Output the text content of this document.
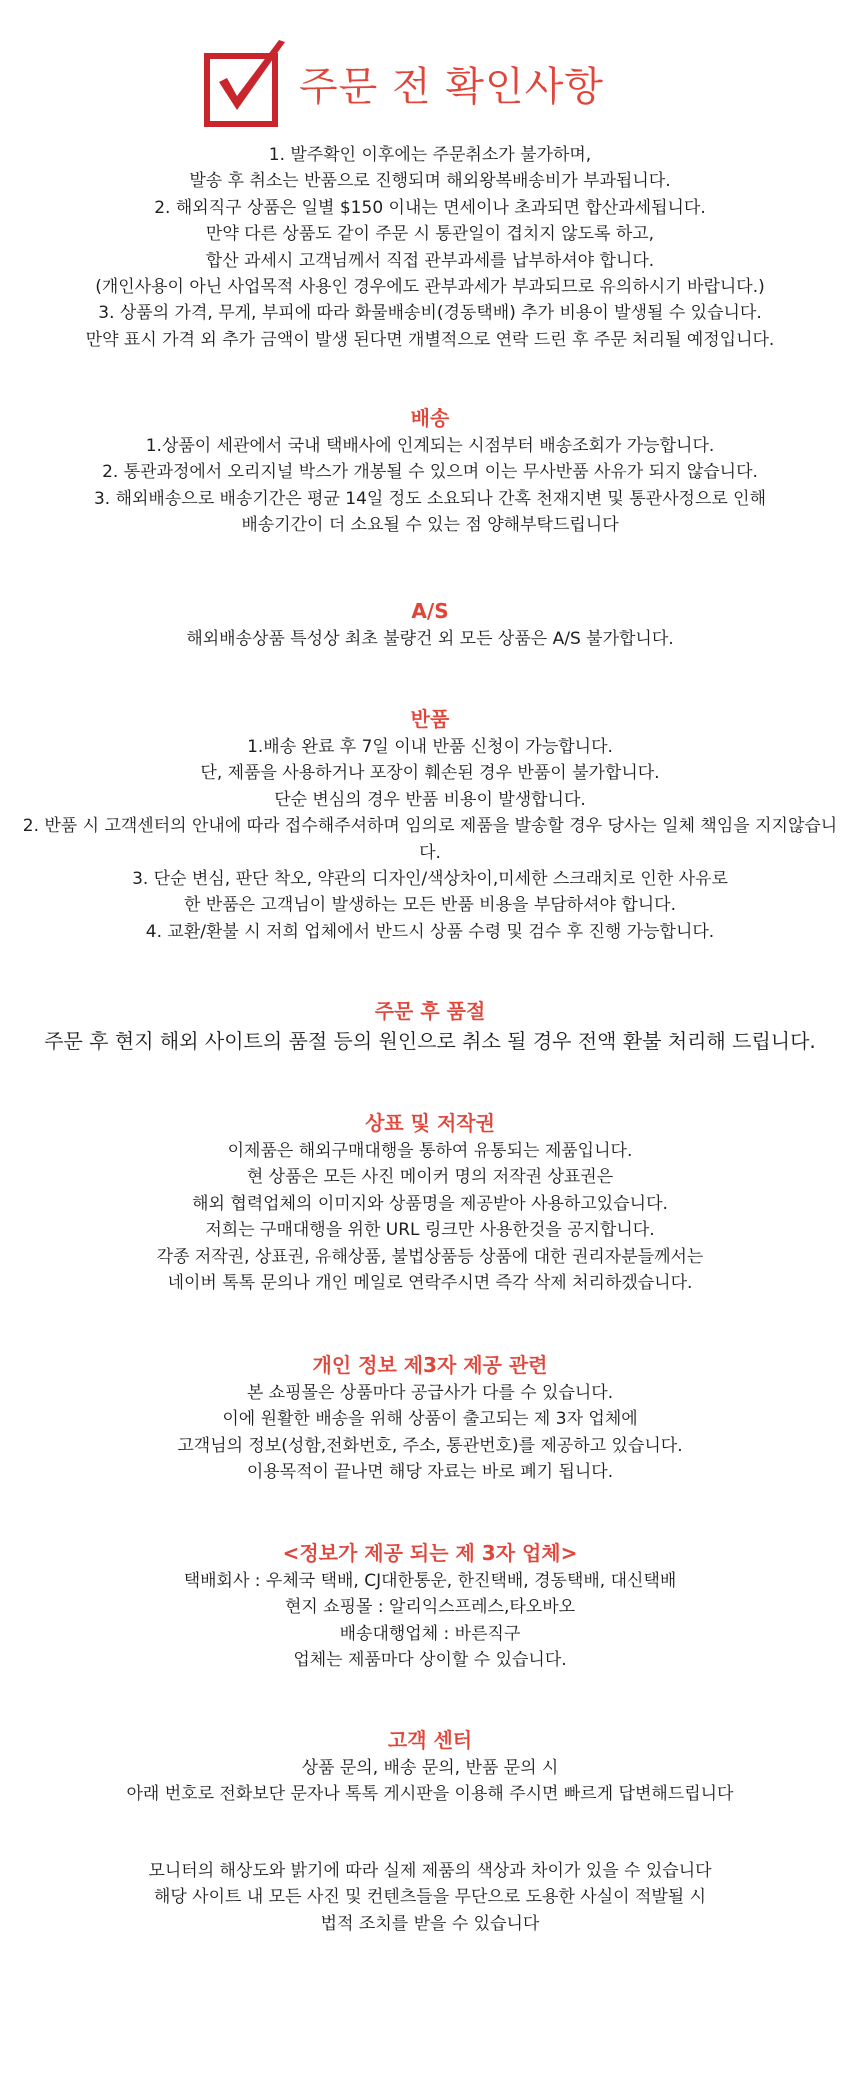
주문 전 확인사항
1. 발주확인 이후에는 주문취소가 불가하며,
발송 후 취소는 반품으로 진행되며 해외왕복배송비가 부과됩니다.
2. 해외직구 상품은 일별 $150 이내는 면세이나 초과되면 합산과세됩니다.
만약 다른 상품도 같이 주문 시 통관일이 겹치지 않도록 하고,
합산 과세시 고객님께서 직접 관부과세를 납부하셔야 합니다.
(개인사용이 아닌 사업목적 사용인 경우에도 관부과세가 부과되므로 유의하시기 바랍니다.)
3. 상품의 가격, 무게, 부피에 따라 화물배송비(경동택배) 추가 비용이 발생될 수 있습니다.
만약 표시 가격 외 추가 금액이 발생 된다면 개별적으로 연락 드린 후 주문 처리될 예정입니다.
배송
1.상품이 세관에서 국내 택배사에 인계되는 시점부터 배송조회가 가능합니다.
2. 통관과정에서 오리지널 박스가 개봉될 수 있으며 이는 무사반품 사유가 되지 않습니다.
3. 해외배송으로 배송기간은 평균 14일 정도 소요되나 간혹 천재지변 및 통관사정으로 인해
배송기간이 더 소요될 수 있는 점 양해부탁드립니다
A/S
해외배송상품 특성상 최초 불량건 외 모든 상품은 A/S 불가합니다.
반품
1.배송 완료 후 7일 이내 반품 신청이 가능합니다.
단, 제품을 사용하거나 포장이 훼손된 경우 반품이 불가합니다.
단순 변심의 경우 반품 비용이 발생합니다.
2. 반품 시 고객센터의 안내에 따라 접수해주셔하며 임의로 제품을 발송할 경우 당사는 일체 책임을 지지않습니
다.
3. 단순 변심, 판단 착오, 약관의 디자인/색상차이,미세한 스크래치로 인한 사유로
한 반품은 고객님이 발생하는 모든 반품 비용을 부담하셔야 합니다.
4. 교환/환불 시 저희 업체에서 반드시 상품 수령 및 검수 후 진행 가능합니다.
주문 후 품절
주문 후 현지 해외 사이트의 품절 등의 원인으로 취소 될 경우 전액 환불 처리해 드립니다.
상표 및 저작권
이제품은 해외구매대행을 통하여 유통되는 제품입니다.
현 상품은 모든 사진 메이커 명의 저작권 상표권은
해외 협력업체의 이미지와 상품명을 제공받아 사용하고있습니다.
저희는 구매대행을 위한 URL 링크만 사용한것을 공지합니다.
각종 저작권, 상표권, 유해상품, 불법상품등 상품에 대한 권리자분들께서는
네이버 톡톡 문의나 개인 메일로 연락주시면 즉각 삭제 처리하겠습니다.
개인 정보 제3자 제공 관련
본 쇼핑몰은 상품마다 공급사가 다를 수 있습니다.
이에 원활한 배송을 위해 상품이 출고되는 제 3자 업체에
고객님의 정보(성함,전화번호, 주소, 통관번호)를 제공하고 있습니다.
이용목적이 끝나면 해당 자료는 바로 폐기 됩니다.
<정보가 제공 되는 제 3자 업체>
택배회사 : 우체국 택배, CJ대한통운, 한진택배, 경동택배, 대신택배
현지 쇼핑몰 : 알리익스프레스,타오바오
배송대행업체 : 바른직구
업체는 제품마다 상이할 수 있습니다.
고객 센터
상품 문의, 배송 문의, 반품 문의 시
아래 번호로 전화보단 문자나 톡톡 게시판을 이용해 주시면 빠르게 답변해드립니다
모니터의 해상도와 밝기에 따라 실제 제품의 색상과 차이가 있을 수 있습니다
해당 사이트 내 모든 사진 및 컨텐츠들을 무단으로 도용한 사실이 적발될 시
법적 조치를 받을 수 있습니다
